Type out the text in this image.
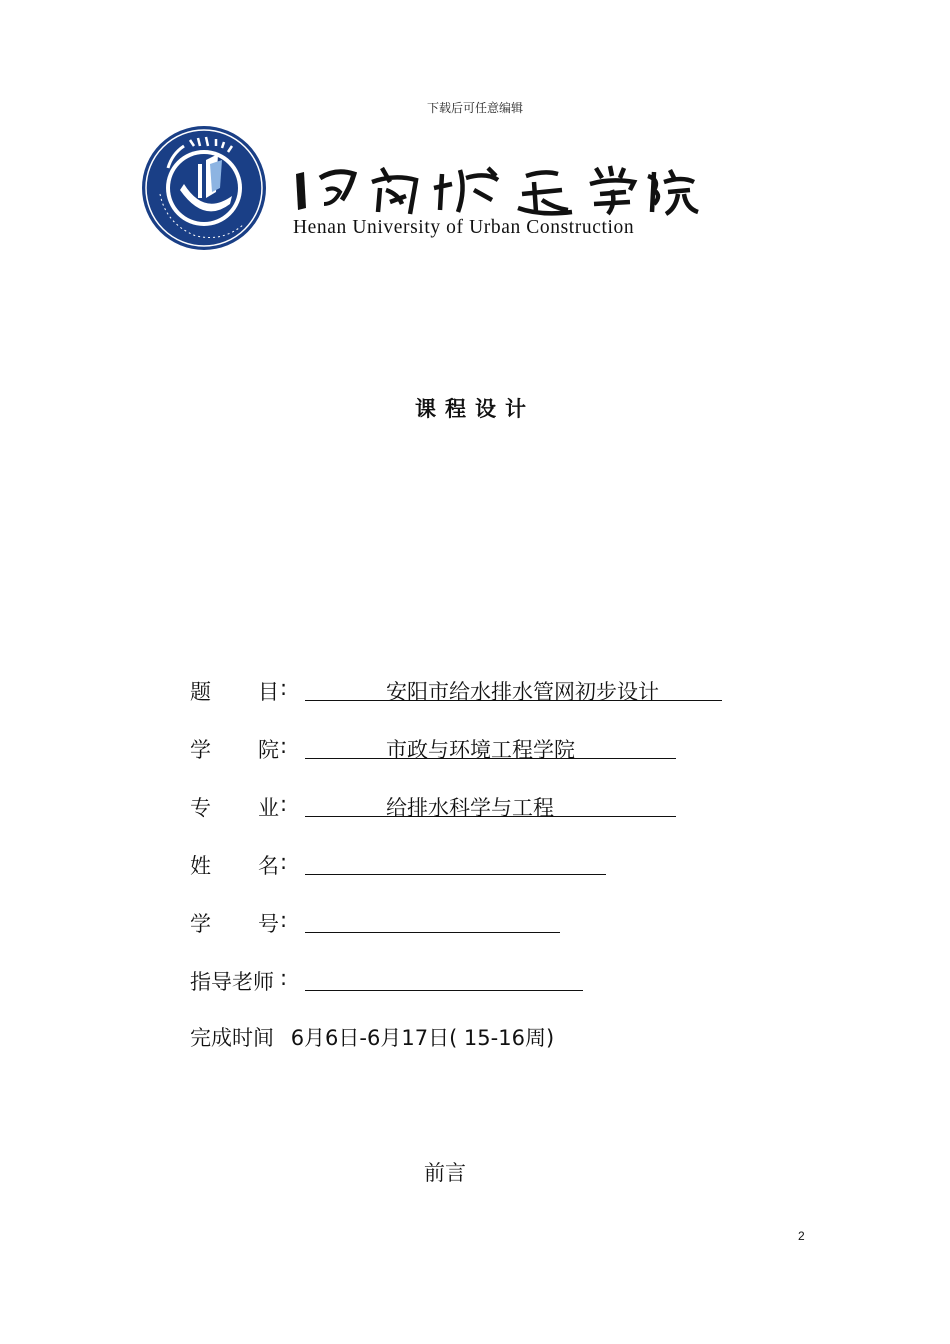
下载后可任意编辑
Henan University of Urban Construction
课程设计
题 目 :	安阳市给水排水管网初步设计
学 院 :	市政与环境工程学院
专 业 :	给排水科学与工程
姓 名 :
学 号 :
指导老师 :
完成时间 6月6日-6月17日( 15-16周)
前言
2
